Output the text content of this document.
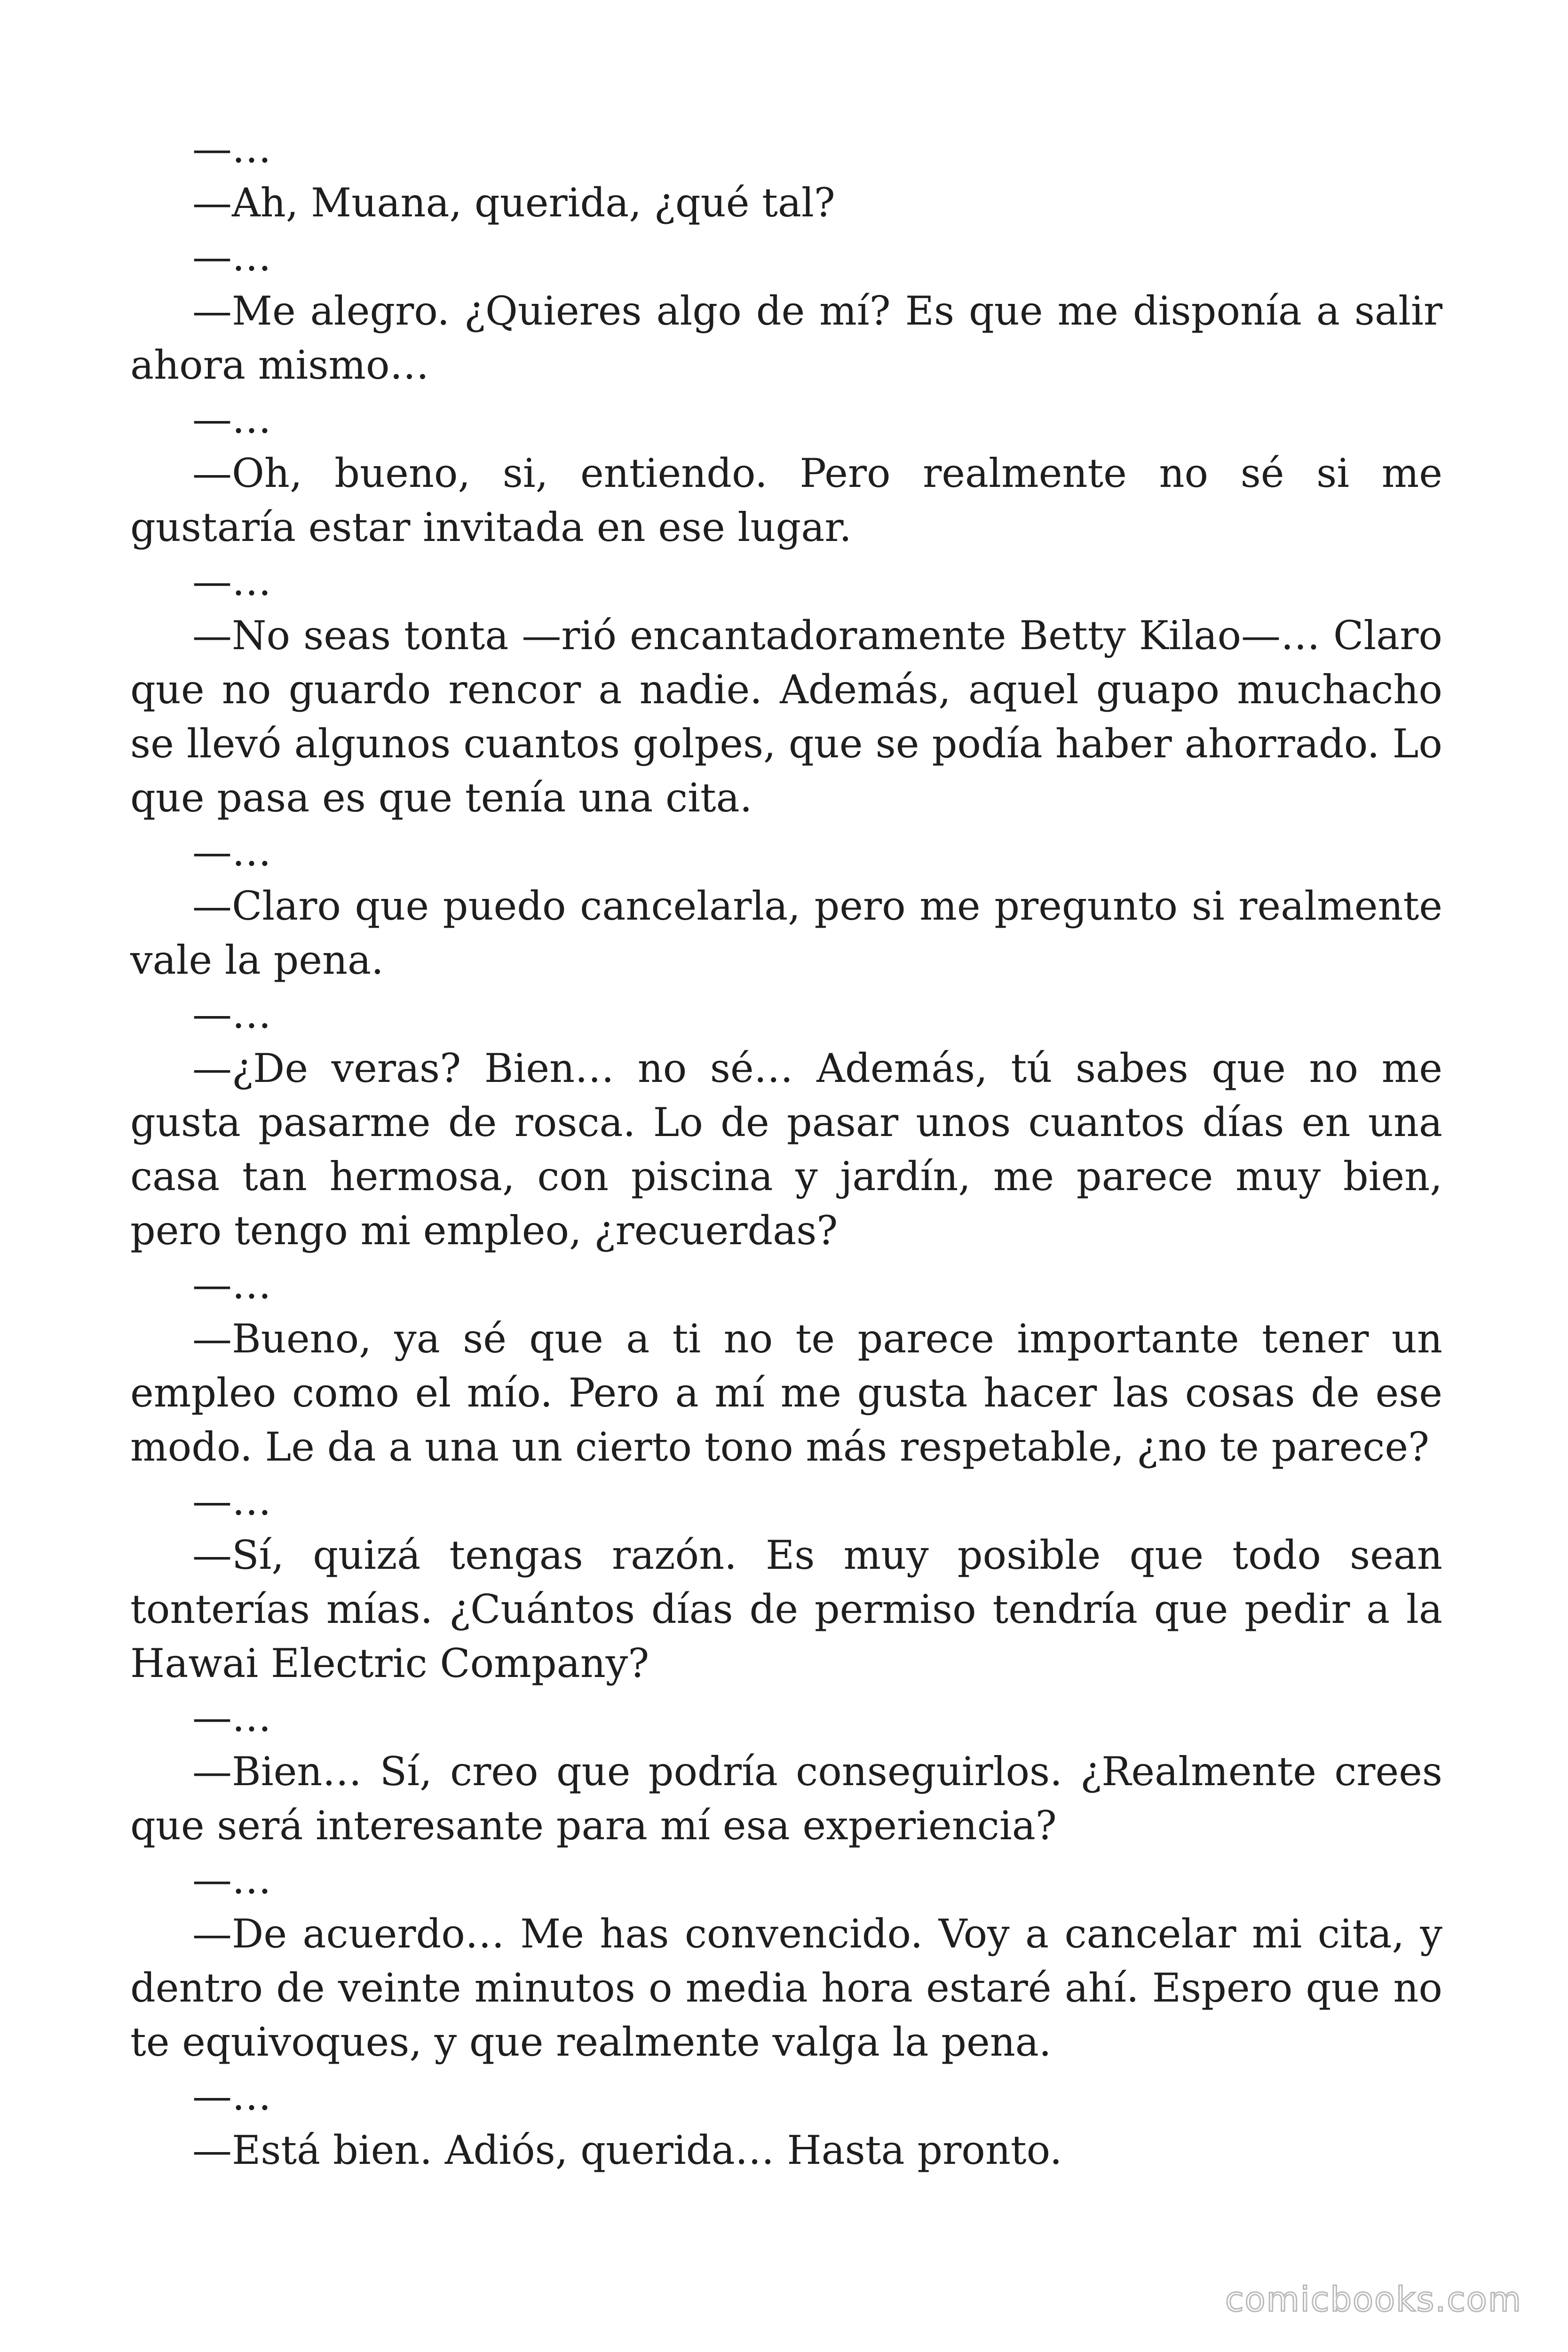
—…

—Ah, Muana, querida, ¿qué tal?

—…

—Me alegro. ¿Quieres algo de mí? Es que me disponía a salir ahora mismo…

—…

—Oh, bueno, si, entiendo. Pero realmente no sé si me gustaría estar invitada en ese lugar.

—…

—No seas tonta —rió encantadoramente Betty Kilao—… Claro que no guardo rencor a nadie. Además, aquel guapo muchacho se llevó algunos cuantos golpes, que se podía haber ahorrado. Lo que pasa es que tenía una cita.

—…

—Claro que puedo cancelarla, pero me pregunto si realmente vale la pena.

—…

—¿De veras? Bien… no sé… Además, tú sabes que no me gusta pasarme de rosca. Lo de pasar unos cuantos días en una casa tan hermosa, con piscina y jardín, me parece muy bien, pero tengo mi empleo, ¿recuerdas?

—…

—Bueno, ya sé que a ti no te parece importante tener un empleo como el mío. Pero a mí me gusta hacer las cosas de ese modo. Le da a una un cierto tono más respetable, ¿no te parece?

—…

—Sí, quizá tengas razón. Es muy posible que todo sean tonterías mías. ¿Cuántos días de permiso tendría que pedir a la Hawai Electric Company?

—…

—Bien… Sí, creo que podría conseguirlos. ¿Realmente crees que será interesante para mí esa experiencia?

—…

—De acuerdo… Me has convencido. Voy a cancelar mi cita, y dentro de veinte minutos o media hora estaré ahí. Espero que no te equivoques, y que realmente valga la pena.

—…

—Está bien. Adiós, querida… Hasta pronto.

comicbooks.com
